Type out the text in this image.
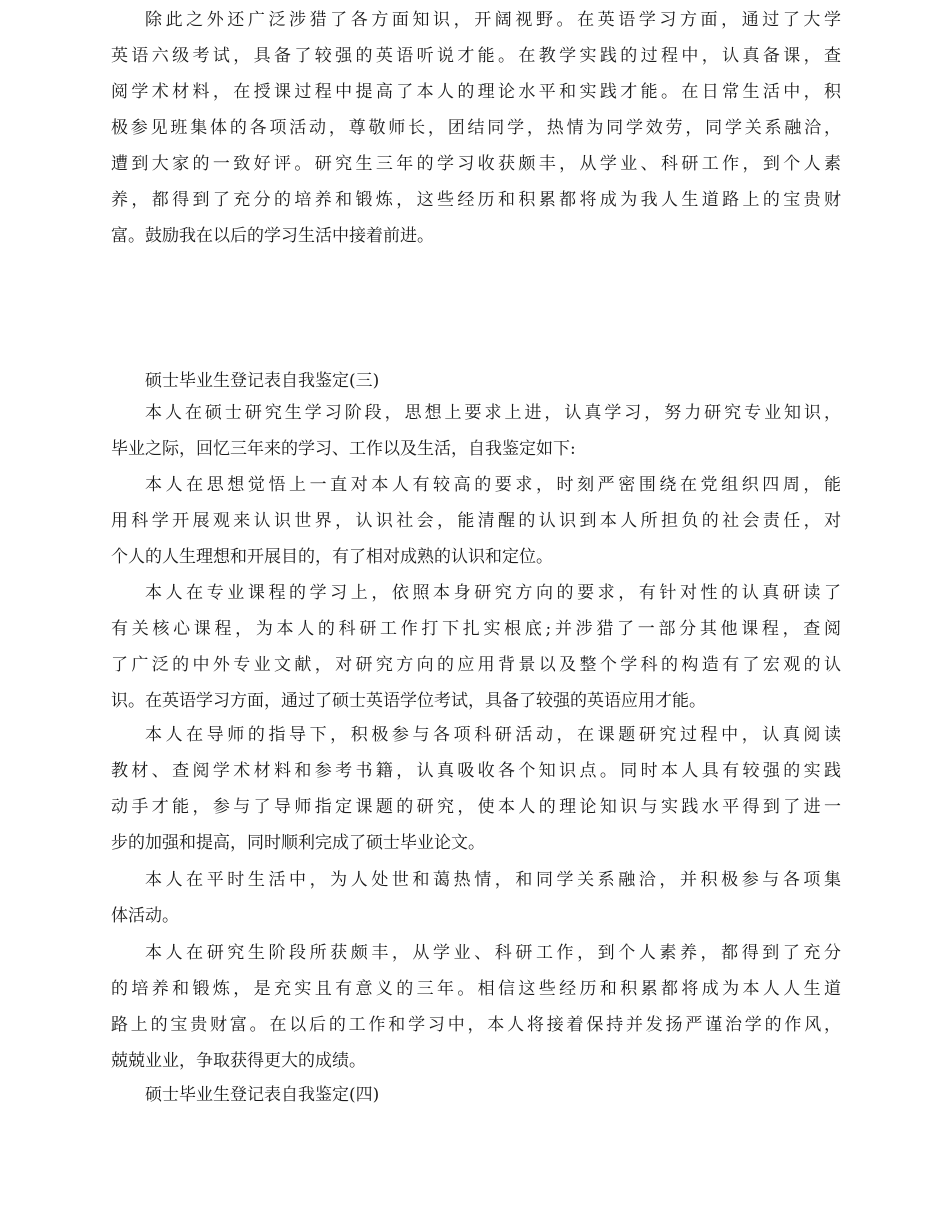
除此之外还广泛涉猎了各方面知识，开阔视野。在英语学习方面，通过了大学
英语六级考试，具备了较强的英语听说才能。在教学实践的过程中，认真备课，查
阅学术材料，在授课过程中提高了本人的理论水平和实践才能。在日常生活中，积
极参见班集体的各项活动，尊敬师长，团结同学，热情为同学效劳，同学关系融洽，
遭到大家的一致好评。研究生三年的学习收获颇丰，从学业、科研工作，到个人素
养，都得到了充分的培养和锻炼，这些经历和积累都将成为我人生道路上的宝贵财
富。鼓励我在以后的学习生活中接着前进。
硕士毕业生登记表自我鉴定(三)
本人在硕士研究生学习阶段，思想上要求上进，认真学习，努力研究专业知识，
毕业之际，回忆三年来的学习、工作以及生活，自我鉴定如下:
本人在思想觉悟上一直对本人有较高的要求，时刻严密围绕在党组织四周，能
用科学开展观来认识世界，认识社会，能清醒的认识到本人所担负的社会责任，对
个人的人生理想和开展目的，有了相对成熟的认识和定位。
本人在专业课程的学习上，依照本身研究方向的要求，有针对性的认真研读了
有关核心课程，为本人的科研工作打下扎实根底;并涉猎了一部分其他课程，查阅
了广泛的中外专业文献，对研究方向的应用背景以及整个学科的构造有了宏观的认
识。在英语学习方面，通过了硕士英语学位考试，具备了较强的英语应用才能。
本人在导师的指导下，积极参与各项科研活动，在课题研究过程中，认真阅读
教材、查阅学术材料和参考书籍，认真吸收各个知识点。同时本人具有较强的实践
动手才能，参与了导师指定课题的研究，使本人的理论知识与实践水平得到了进一
步的加强和提高，同时顺利完成了硕士毕业论文。
本人在平时生活中，为人处世和蔼热情，和同学关系融洽，并积极参与各项集
体活动。
本人在研究生阶段所获颇丰，从学业、科研工作，到个人素养，都得到了充分
的培养和锻炼，是充实且有意义的三年。相信这些经历和积累都将成为本人人生道
路上的宝贵财富。在以后的工作和学习中，本人将接着保持并发扬严谨治学的作风，
兢兢业业，争取获得更大的成绩。
硕士毕业生登记表自我鉴定(四)
